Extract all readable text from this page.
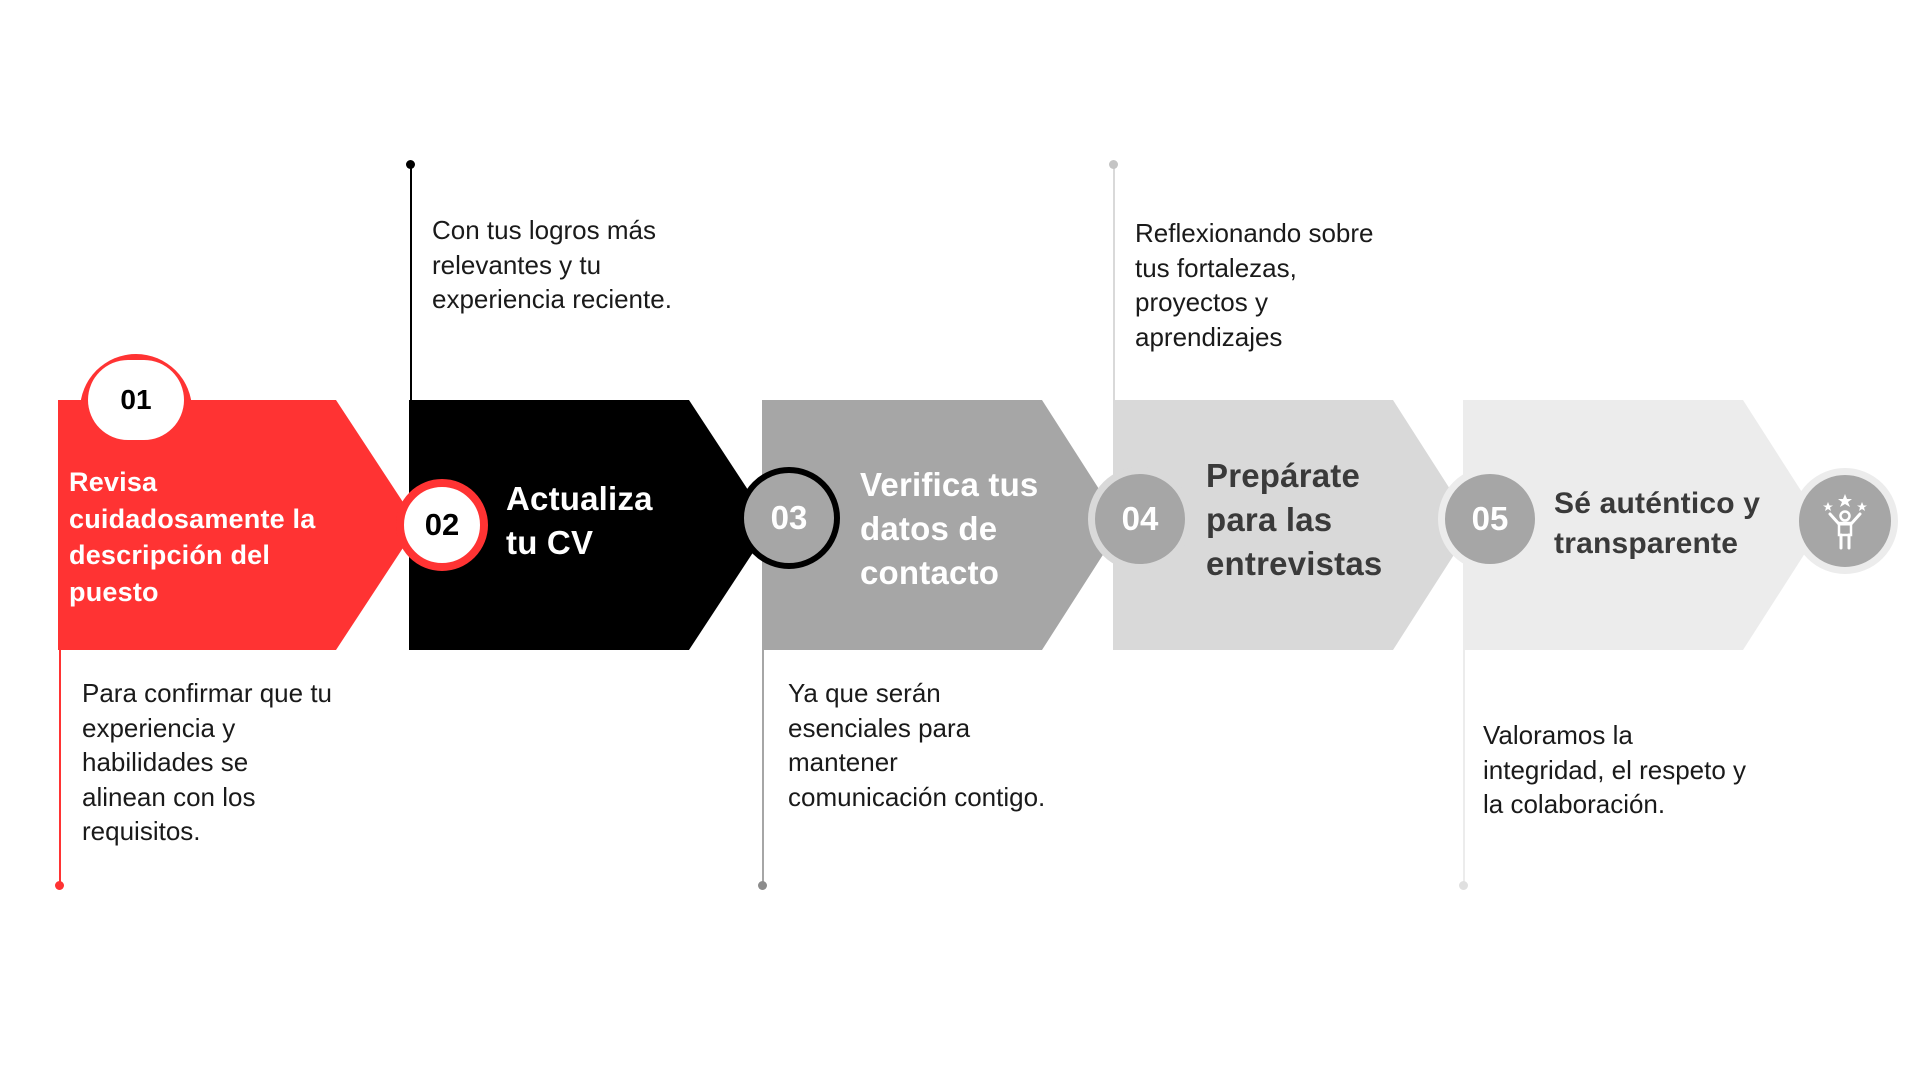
01
02	03	04	05
Revisa cuidadosamente la descripción del puesto
Actualiza tu CV
Verifica tus datos de contacto
Prepárate para las entrevistas
Sé auténtico y transparente
Para confirmar que tu
experiencia y
habilidades se
alinean con los
requisitos.
Con tus logros más
relevantes y tu
experiencia reciente.
Ya que serán
esenciales para
mantener
comunicación contigo.
Reflexionando sobre
tus fortalezas,
proyectos y
aprendizajes
Valoramos la
integridad, el respeto y
la colaboración.
